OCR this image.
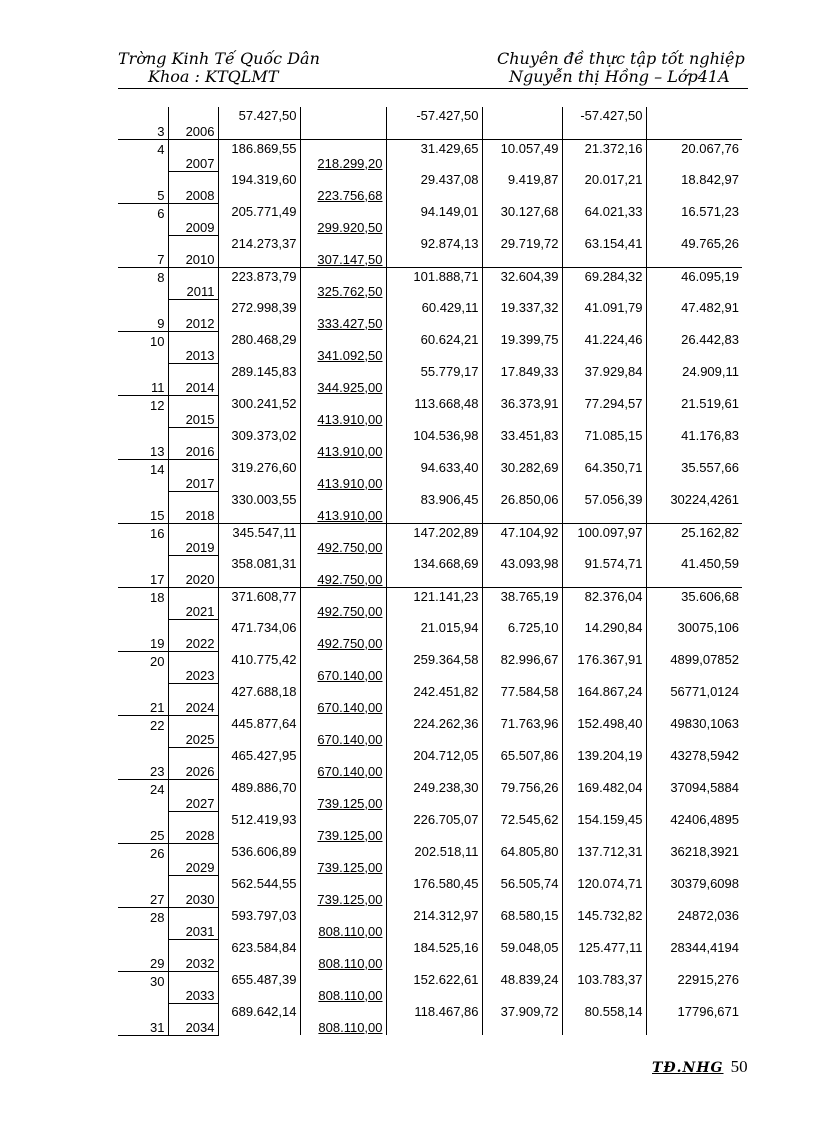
Trờng Kinh Tế Quốc Dân
Khoa : KTQLMT
Chuyên đề thực tập tốt nghiệp
Nguyễn thị Hồng – Lớp41A
3	2006	57.427,50		-57.427,50		-57.427,50	
4	2007	186.869,55	218.299,20	31.429,65	10.057,49	21.372,16	20.067,76
5	2008	194.319,60	223.756,68	29.437,08	9.419,87	20.017,21	18.842,97
6	2009	205.771,49	299.920,50	94.149,01	30.127,68	64.021,33	16.571,23
7	2010	214.273,37	307.147,50	92.874,13	29.719,72	63.154,41	49.765,26
8	2011	223.873,79	325.762,50	101.888,71	32.604,39	69.284,32	46.095,19
9	2012	272.998,39	333.427,50	60.429,11	19.337,32	41.091,79	47.482,91
10	2013	280.468,29	341.092,50	60.624,21	19.399,75	41.224,46	26.442,83
11	2014	289.145,83	344.925,00	55.779,17	17.849,33	37.929,84	24.909,11
12	2015	300.241,52	413.910,00	113.668,48	36.373,91	77.294,57	21.519,61
13	2016	309.373,02	413.910,00	104.536,98	33.451,83	71.085,15	41.176,83
14	2017	319.276,60	413.910,00	94.633,40	30.282,69	64.350,71	35.557,66
15	2018	330.003,55	413.910,00	83.906,45	26.850,06	57.056,39	30224,4261
16	2019	345.547,11	492.750,00	147.202,89	47.104,92	100.097,97	25.162,82
17	2020	358.081,31	492.750,00	134.668,69	43.093,98	91.574,71	41.450,59
18	2021	371.608,77	492.750,00	121.141,23	38.765,19	82.376,04	35.606,68
19	2022	471.734,06	492.750,00	21.015,94	6.725,10	14.290,84	30075,106
20	2023	410.775,42	670.140,00	259.364,58	82.996,67	176.367,91	4899,07852
21	2024	427.688,18	670.140,00	242.451,82	77.584,58	164.867,24	56771,0124
22	2025	445.877,64	670.140,00	224.262,36	71.763,96	152.498,40	49830,1063
23	2026	465.427,95	670.140,00	204.712,05	65.507,86	139.204,19	43278,5942
24	2027	489.886,70	739.125,00	249.238,30	79.756,26	169.482,04	37094,5884
25	2028	512.419,93	739.125,00	226.705,07	72.545,62	154.159,45	42406,4895
26	2029	536.606,89	739.125,00	202.518,11	64.805,80	137.712,31	36218,3921
27	2030	562.544,55	739.125,00	176.580,45	56.505,74	120.074,71	30379,6098
28	2031	593.797,03	808.110,00	214.312,97	68.580,15	145.732,82	24872,036
29	2032	623.584,84	808.110,00	184.525,16	59.048,05	125.477,11	28344,4194
30	2033	655.487,39	808.110,00	152.622,61	48.839,24	103.783,37	22915,276
31	2034	689.642,14	808.110,00	118.467,86	37.909,72	80.558,14	17796,671
TĐ.NHG 50
